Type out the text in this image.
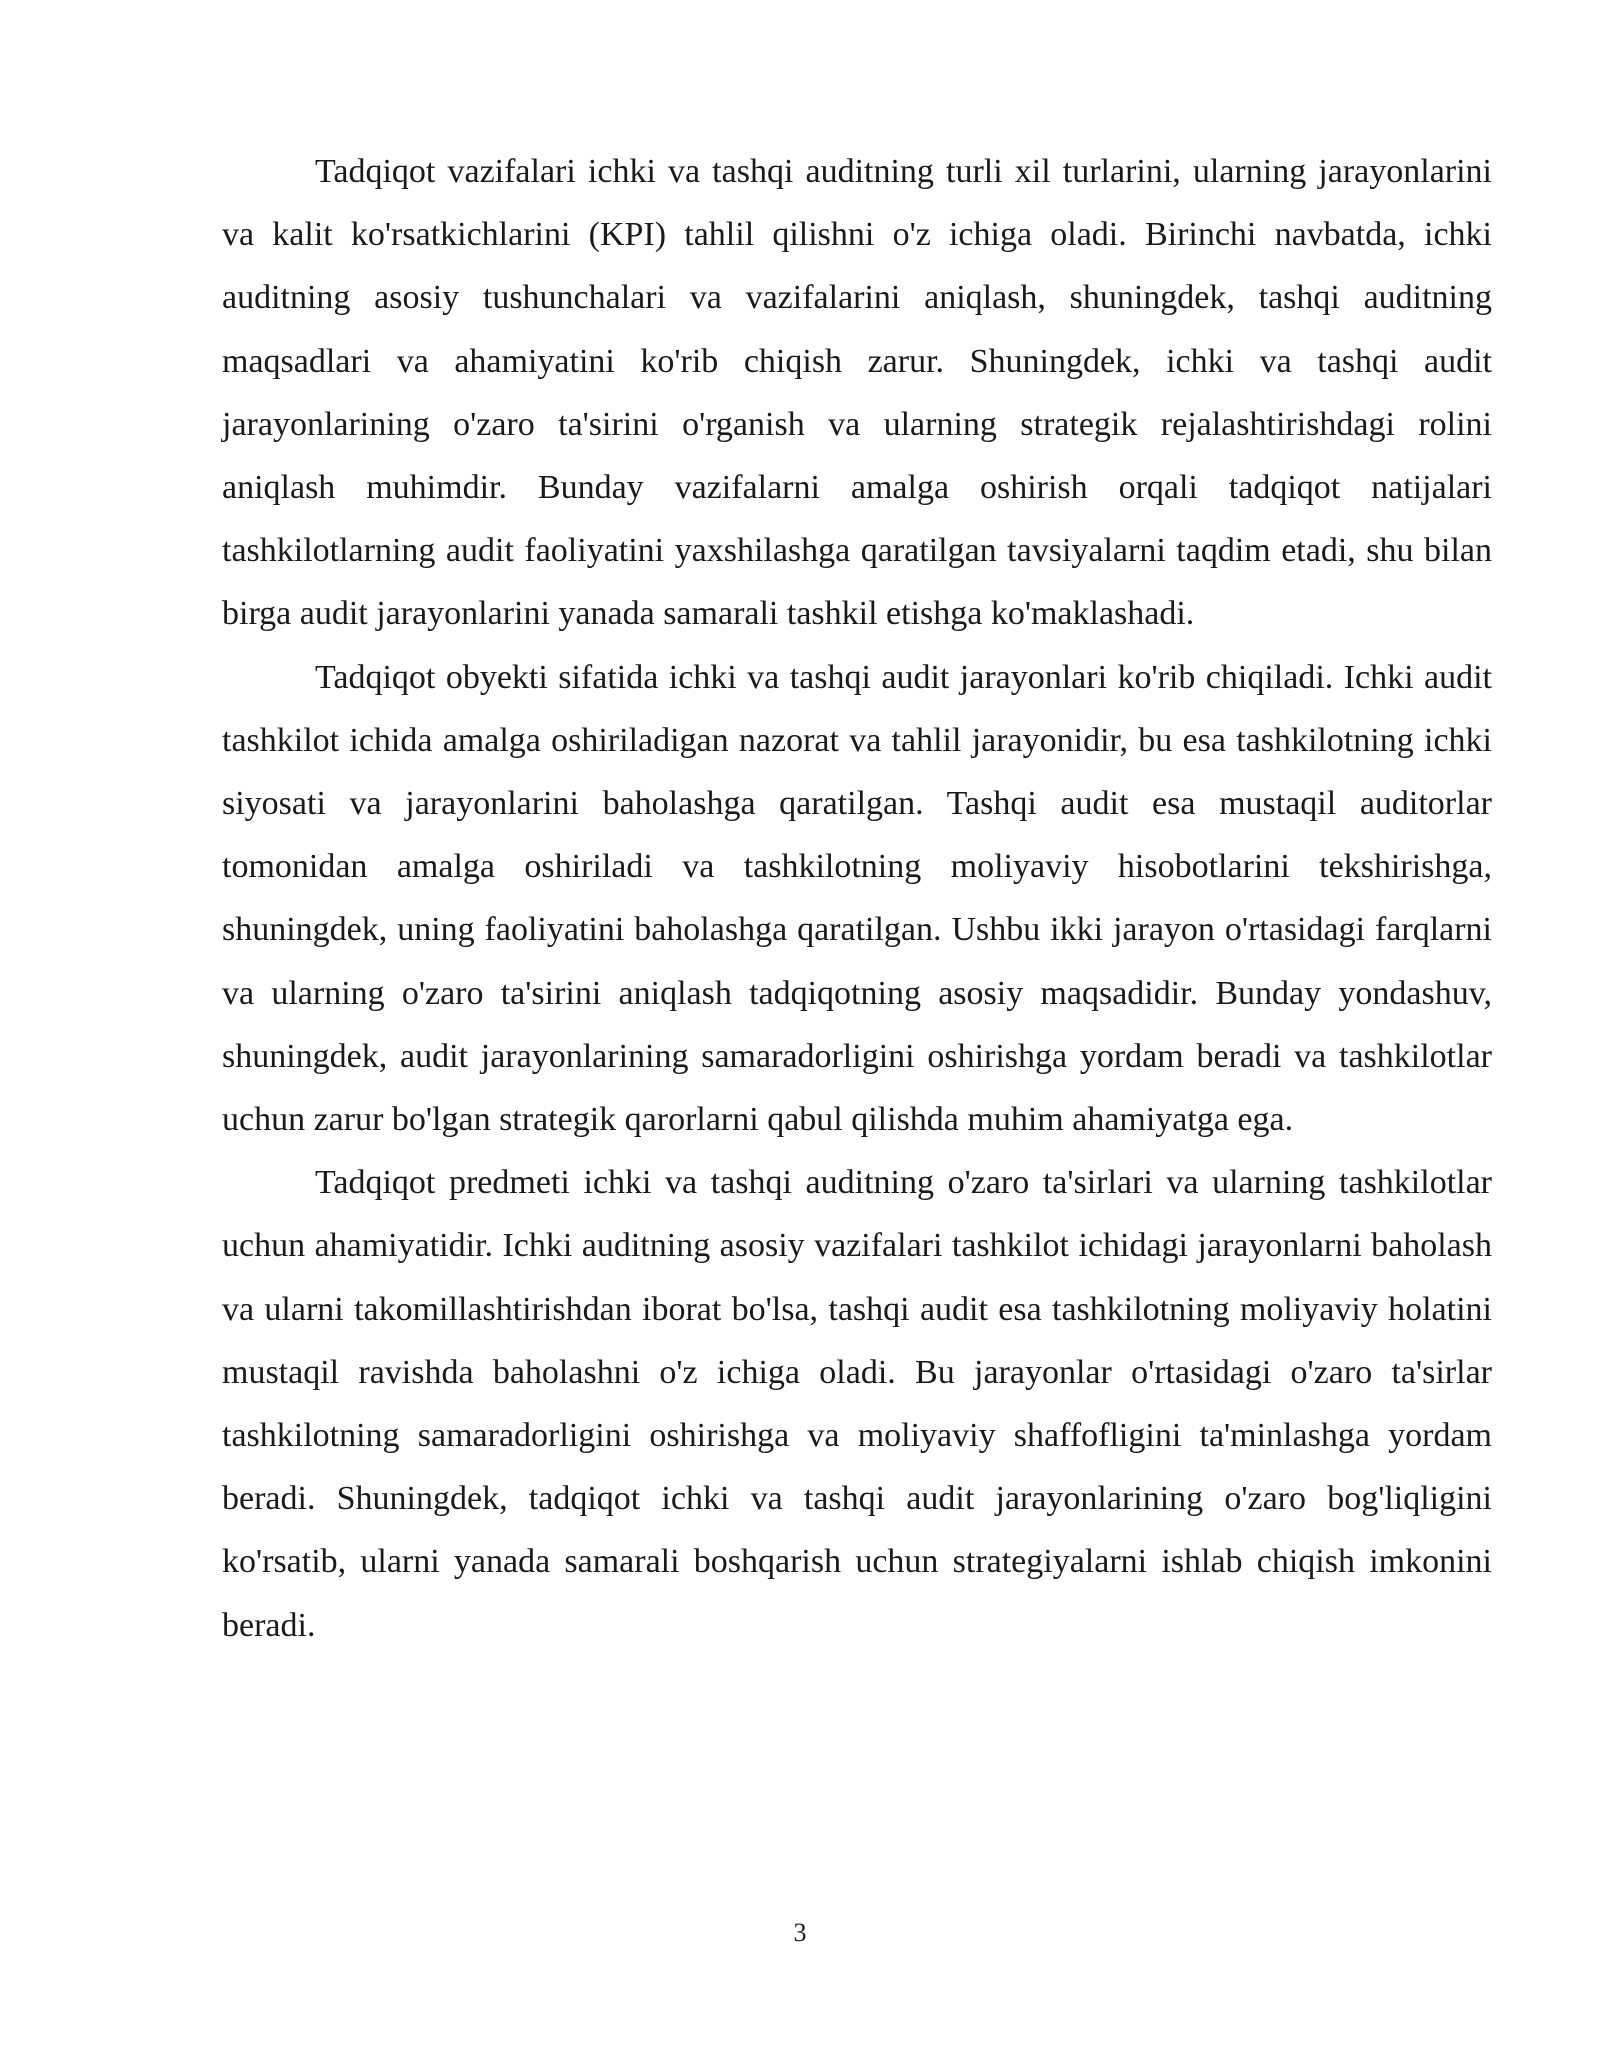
Tadqiqot vazifalari ichki va tashqi auditning turli xil turlarini, ularning jarayonlarini va kalit ko'rsatkichlarini (KPI) tahlil qilishni o'z ichiga oladi. Birinchi navbatda, ichki auditning asosiy tushunchalari va vazifalarini aniqlash, shuningdek, tashqi auditning maqsadlari va ahamiyatini ko'rib chiqish zarur. Shuningdek, ichki va tashqi audit jarayonlarining o'zaro ta'sirini o'rganish va ularning strategik rejalashtirishdagi rolini aniqlash muhimdir. Bunday vazifalarni amalga oshirish orqali tadqiqot natijalari tashkilotlarning audit faoliyatini yaxshilashga qaratilgan tavsiyalarni taqdim etadi, shu bilan birga audit jarayonlarini yanada samarali tashkil etishga ko'maklashadi.

Tadqiqot obyekti sifatida ichki va tashqi audit jarayonlari ko'rib chiqiladi. Ichki audit tashkilot ichida amalga oshiriladigan nazorat va tahlil jarayonidir, bu esa tashkilotning ichki siyosati va jarayonlarini baholashga qaratilgan. Tashqi audit esa mustaqil auditorlar tomonidan amalga oshiriladi va tashkilotning moliyaviy hisobotlarini tekshirishga, shuningdek, uning faoliyatini baholashga qaratilgan. Ushbu ikki jarayon o'rtasidagi farqlarni va ularning o'zaro ta'sirini aniqlash tadqiqotning asosiy maqsadidir. Bunday yondashuv, shuningdek, audit jarayonlarining samaradorligini oshirishga yordam beradi va tashkilotlar uchun zarur bo'lgan strategik qarorlarni qabul qilishda muhim ahamiyatga ega.

Tadqiqot predmeti ichki va tashqi auditning o'zaro ta'sirlari va ularning tashkilotlar uchun ahamiyatidir. Ichki auditning asosiy vazifalari tashkilot ichidagi jarayonlarni baholash va ularni takomillashtirishdan iborat bo'lsa, tashqi audit esa tashkilotning moliyaviy holatini mustaqil ravishda baholashni o'z ichiga oladi. Bu jarayonlar o'rtasidagi o'zaro ta'sirlar tashkilotning samaradorligini oshirishga va moliyaviy shaffofligini ta'minlashga yordam beradi. Shuningdek, tadqiqot ichki va tashqi audit jarayonlarining o'zaro bog'liqligini ko'rsatib, ularni yanada samarali boshqarish uchun strategiyalarni ishlab chiqish imkonini beradi.

3
